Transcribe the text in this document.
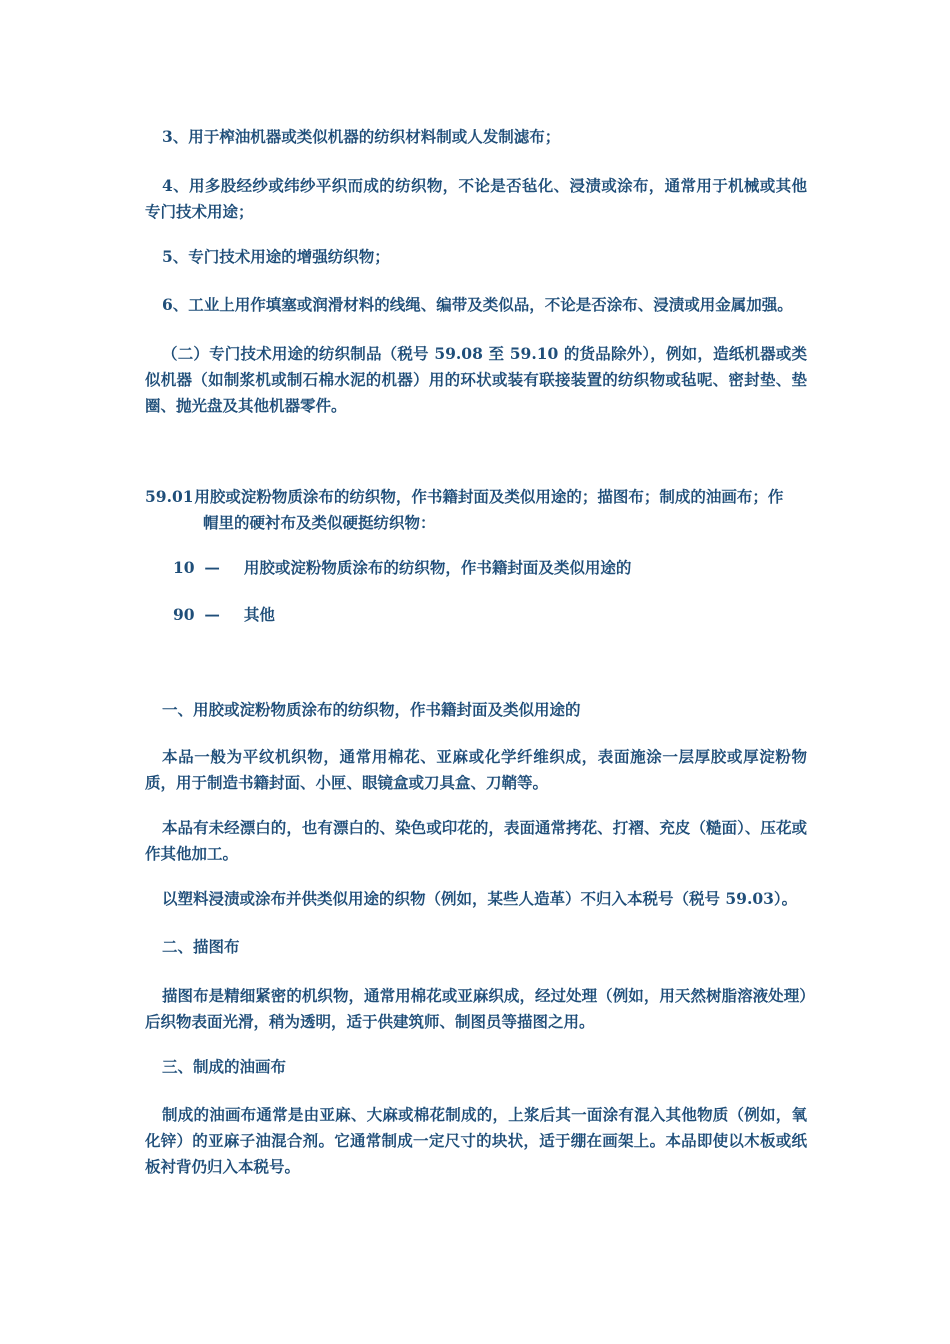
3、用于榨油机器或类似机器的纺织材料制或人发制滤布；

4、用多股经纱或纬纱平织而成的纺织物，不论是否毡化、浸渍或涂布，通常用于机械或其他专门技术用途；

5、专门技术用途的增强纺织物；

6、工业上用作填塞或润滑材料的线绳、编带及类似品，不论是否涂布、浸渍或用金属加强。

（二）专门技术用途的纺织制品（税号 59.08 至 59.10 的货品除外），例如，造纸机器或类似机器（如制浆机或制石棉水泥的机器）用的环状或装有联接装置的纺织物或毡呢、密封垫、垫圈、抛光盘及其他机器零件。

59.01 用胶或淀粉物质涂布的纺织物，作书籍封面及类似用途的；描图布；制成的油画布；作
帽里的硬衬布及类似硬挺纺织物：
10 — 用胶或淀粉物质涂布的纺织物，作书籍封面及类似用途的
90 — 其他

一、用胶或淀粉物质涂布的纺织物，作书籍封面及类似用途的

本品一般为平纹机织物，通常用棉花、亚麻或化学纤维织成，表面施涂一层厚胶或厚淀粉物质，用于制造书籍封面、小匣、眼镜盒或刀具盒、刀鞘等。

本品有未经漂白的，也有漂白的、染色或印花的，表面通常拷花、打褶、充皮（糙面）、压花或作其他加工。

以塑料浸渍或涂布并供类似用途的织物（例如，某些人造革）不归入本税号（税号 59.03）。

二、描图布

描图布是精细紧密的机织物，通常用棉花或亚麻织成，经过处理（例如，用天然树脂溶液处理）后织物表面光滑，稍为透明，适于供建筑师、制图员等描图之用。

三、制成的油画布

制成的油画布通常是由亚麻、大麻或棉花制成的，上浆后其一面涂有混入其他物质（例如，氧化锌）的亚麻子油混合剂。它通常制成一定尺寸的块状，适于绷在画架上。本品即使以木板或纸板衬背仍归入本税号。
